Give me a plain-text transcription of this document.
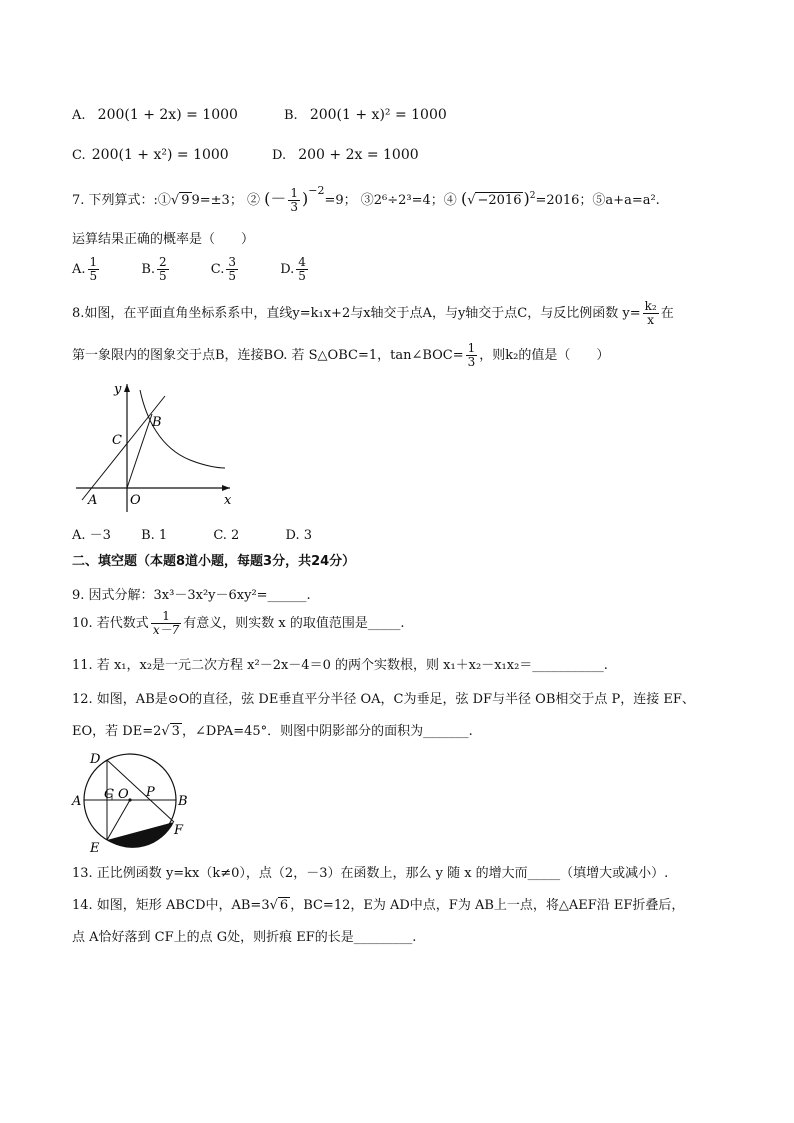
A. 200(1 + 2x) = 1000	B. 200(1 + x)² = 1000
C. 200(1 + x²) = 1000	D. 200 + 2x = 1000
7. 下列算式：:①√ 9 9=±3； ② (－ $\frac{1}{3} )^{-2}=9$； ③2⁶÷2³=4；④ (√ −2016 )$^2$=2016；⑤a+a=a².
运算结果正确的概率是（　　）
A. $\frac{1}{5}$	B. $\frac{2}{5}$	C. $\frac{3}{5}$	D. $\frac{4}{5}$
8.如图，在平面直角坐标系系中，直线y=k₁x+2与x轴交于点A，与y轴交于点C，与反比例函数 $y= \frac{\text{k₂}}{x}$ 在
第一象限内的图象交于点B，连接BO. 若 S△OBC=1，tan∠BOC= $\frac{1}{3}$ ，则k₂的值是（　　）
y
x
A	O
C
B
A. －3 B. 1	C. 2	D. 3
二、填空题（本题8道小题，每题3分，共24分）
9. 因式分解：3x³－3x²y－6xy²=______.
10. 若代数式 $\frac{1}{x-7}$ 有意义，则实数 x 的取值范围是_____.
11. 若 x₁，x₂是一元二次方程 x²－2x－4＝0 的两个实数根，则 x₁＋x₂－x₁x₂＝___________.
12. 如图，AB是⊙O的直径，弦 DE垂直平分半径 OA，C为垂足，弦 DF与半径 OB相交于点 P，连接 EF、
EO，若 DE=2√ 3 ，∠DPA=45°．则图中阴影部分的面积为_______.
D
A C O P
B
E
F
13. 正比例函数 y=kx（k≠0），点（2，－3）在函数上，那么 y 随 x 的增大而_____（填增大或减小）.
14. 如图，矩形 ABCD中，AB=3√ 6 ，BC=12，E为 AD中点，F为 AB上一点，将△AEF沿 EF折叠后，
点 A恰好落到 CF上的点 G处，则折痕 EF的长是_________.
